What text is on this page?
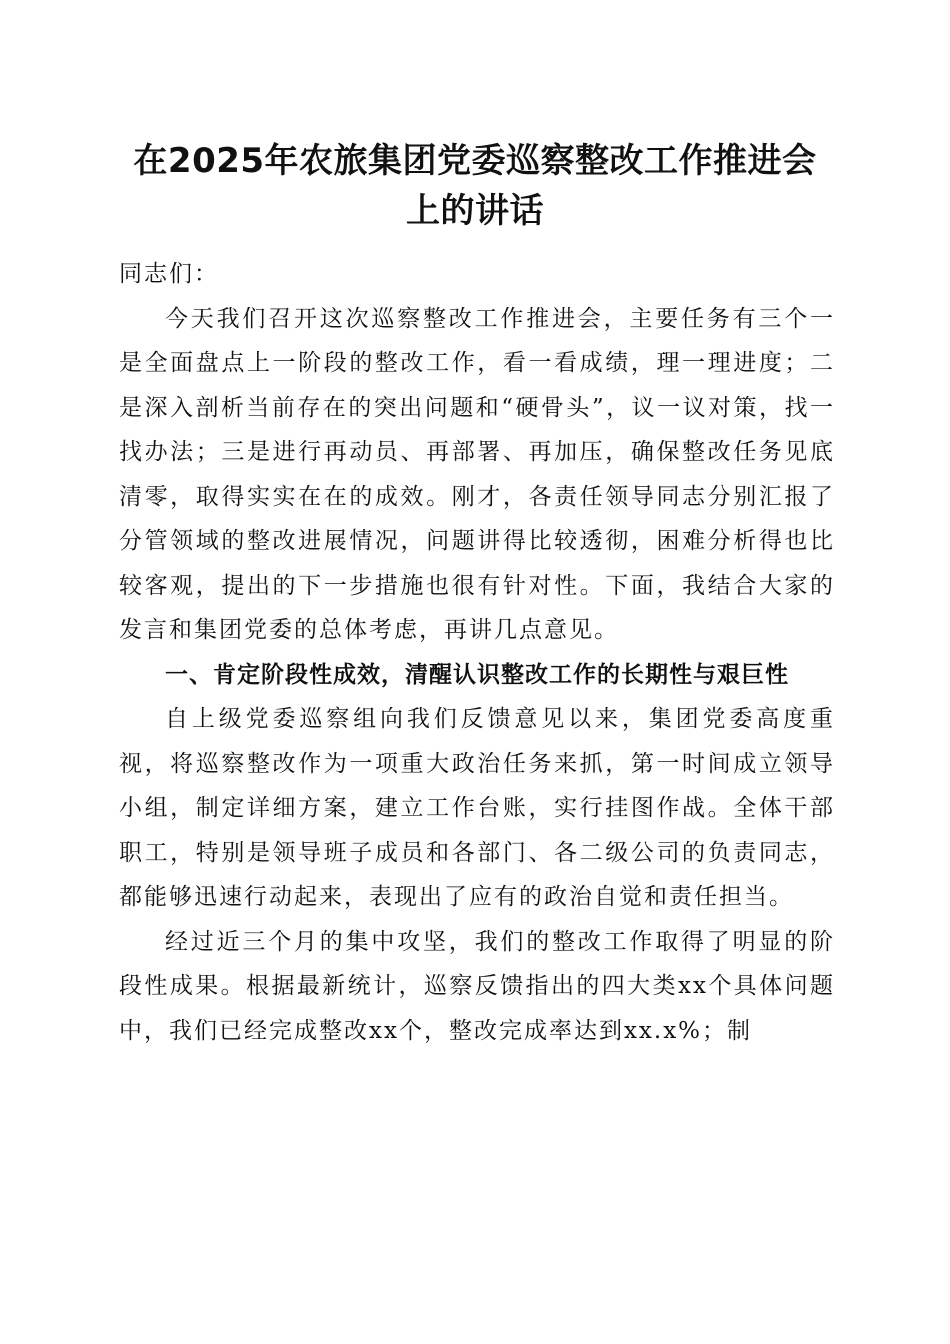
在2025年农旅集团党委巡察整改工作推进会
上的讲话

同志们：

今天我们召开这次巡察整改工作推进会，主要任务有三个一是全面盘点上一阶段的整改工作，看一看成绩，理一理进度；二是深入剖析当前存在的突出问题和“硬骨头”，议一议对策，找一找办法；三是进行再动员、再部署、再加压，确保整改任务见底清零，取得实实在在的成效。刚才，各责任领导同志分别汇报了分管领域的整改进展情况，问题讲得比较透彻，困难分析得也比较客观，提出的下一步措施也很有针对性。下面，我结合大家的发言和集团党委的总体考虑，再讲几点意见。

一、肯定阶段性成效，清醒认识整改工作的长期性与艰巨性

自上级党委巡察组向我们反馈意见以来，集团党委高度重视，将巡察整改作为一项重大政治任务来抓，第一时间成立领导小组，制定详细方案，建立工作台账，实行挂图作战。全体干部职工，特别是领导班子成员和各部门、各二级公司的负责同志，都能够迅速行动起来，表现出了应有的政治自觉和责任担当。

经过近三个月的集中攻坚，我们的整改工作取得了明显的阶段性成果。根据最新统计，巡察反馈指出的四大类xx个具体问题中，我们已经完成整改xx个，整改完成率达到xx.x%；制
